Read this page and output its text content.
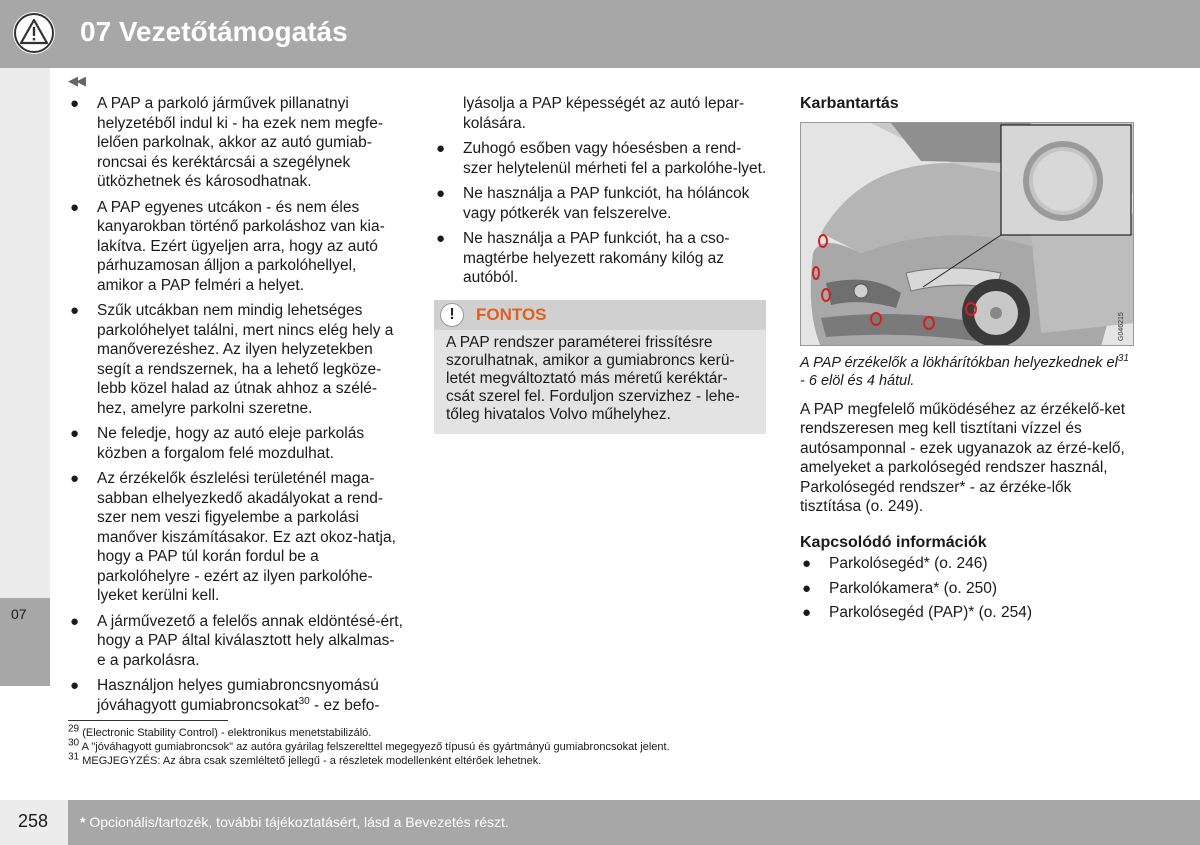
07 Vezetőtámogatás
07
◀◀
● A PAP a parkoló járművek pillanatnyi helyzetéből indul ki - ha ezek nem megfe-lelően parkolnak, akkor az autó gumiab-roncsai és keréktárcsái a szegélynek ütközhetnek és károsodhatnak.
● A PAP egyenes utcákon - és nem éles kanyarokban történő parkoláshoz van kia-lakítva. Ezért ügyeljen arra, hogy az autó párhuzamosan álljon a parkolóhellyel, amikor a PAP felméri a helyet.
● Szűk utcákban nem mindig lehetséges parkolóhelyet találni, mert nincs elég hely a manőverezéshez. Az ilyen helyzetekben segít a rendszernek, ha a lehető legköze-lebb közel halad az útnak ahhoz a szélé-hez, amelyre parkolni szeretne.
● Ne feledje, hogy az autó eleje parkolás közben a forgalom felé mozdulhat.
● Az érzékelők észlelési területénél maga-sabban elhelyezkedő akadályokat a rend-szer nem veszi figyelembe a parkolási manőver kiszámításakor. Ez azt okoz-hatja, hogy a PAP túl korán fordul be a parkolóhelyre - ezért az ilyen parkolóhe-lyeket kerülni kell.
● A járművezető a felelős annak eldöntésé-ért, hogy a PAP által kiválasztott hely alkalmas-e a parkolásra.
● Használjon helyes gumiabroncsnyomású jóváhagyott gumiabroncsokat$^{30}$ - ez befo-
lyásolja a PAP képességét az autó lepar-kolására.
● Zuhogó esőben vagy hóesésben a rend-szer helytelenül mérheti fel a parkolóhe-lyet.
● Ne használja a PAP funkciót, ha hóláncok vagy pótkerék van felszerelve.
● Ne használja a PAP funkciót, ha a cso-magtérbe helyezett rakomány kilóg az autóból.
!	FONTOS
A PAP rendszer paraméterei frissítésre szorulhatnak, amikor a gumiabroncs kerü-letét megváltoztató más méretű keréktár-csát szerel fel. Forduljon szervizhez - lehe-tőleg hivatalos Volvo műhelyhez.
Karbantartás
G046215
A PAP érzékelők a lökhárítókban helyezkednek $el^{31} - 6$ elöl és 4 hátul.
A PAP megfelelő működéséhez az érzékelő-ket rendszeresen meg kell tisztítani vízzel és autósamponnal - ezek ugyanazok az érzé-kelő, amelyeket a parkolósegéd rendszer használ, Parkolósegéd rendszer* - az érzéke-lők tisztítása (o. 249).
Kapcsolódó információk
● Parkolósegéd* (o. 246)
● Parkolókamera* (o. 250)
● Parkolósegéd (PAP)* (o. 254)
$^{29}$ (Electronic Stability Control) - elektronikus menetstabilizáló.
$^{30}$ A "jóváhagyott gumiabroncsok" az autóra gyárilag felszerelttel megegyező típusú és gyártmányú gumiabroncsokat jelent.
$^{31}$ MEGJEGYZÉS: Az ábra csak szemléltető jellegű - a részletek modellenként eltérőek lehetnek.
258 * Opcionális/tartozék, további tájékoztatásért, lásd a Bevezetés részt.
